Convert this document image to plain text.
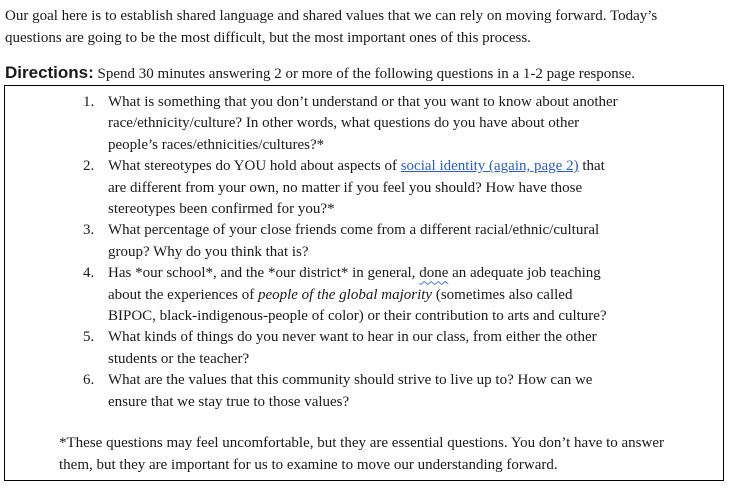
Our goal here is to establish shared language and shared values that we can rely on moving forward. Today’s questions are going to be the most difficult, but the most important ones of this process.
Directions: Spend 30 minutes answering 2 or more of the following questions in a 1-2 page response.
1. What is something that you don’t understand or that you want to know about another race/ethnicity/culture? In other words, what questions do you have about other people’s races/ethnicities/cultures?*
2. What stereotypes do YOU hold about aspects of social identity (again, page 2) that are different from your own, no matter if you feel you should? How have those stereotypes been confirmed for you?*
3. What percentage of your close friends come from a different racial/ethnic/cultural group? Why do you think that is?
4. Has *our school*, and the *our district* in general, done an adequate job teaching about the experiences of people of the global majority (sometimes also called BIPOC, black-indigenous-people of color) or their contribution to arts and culture?
5. What kinds of things do you never want to hear in our class, from either the other students or the teacher?
6. What are the values that this community should strive to live up to? How can we ensure that we stay true to those values?
*These questions may feel uncomfortable, but they are essential questions. You don’t have to answer them, but they are important for us to examine to move our understanding forward.
